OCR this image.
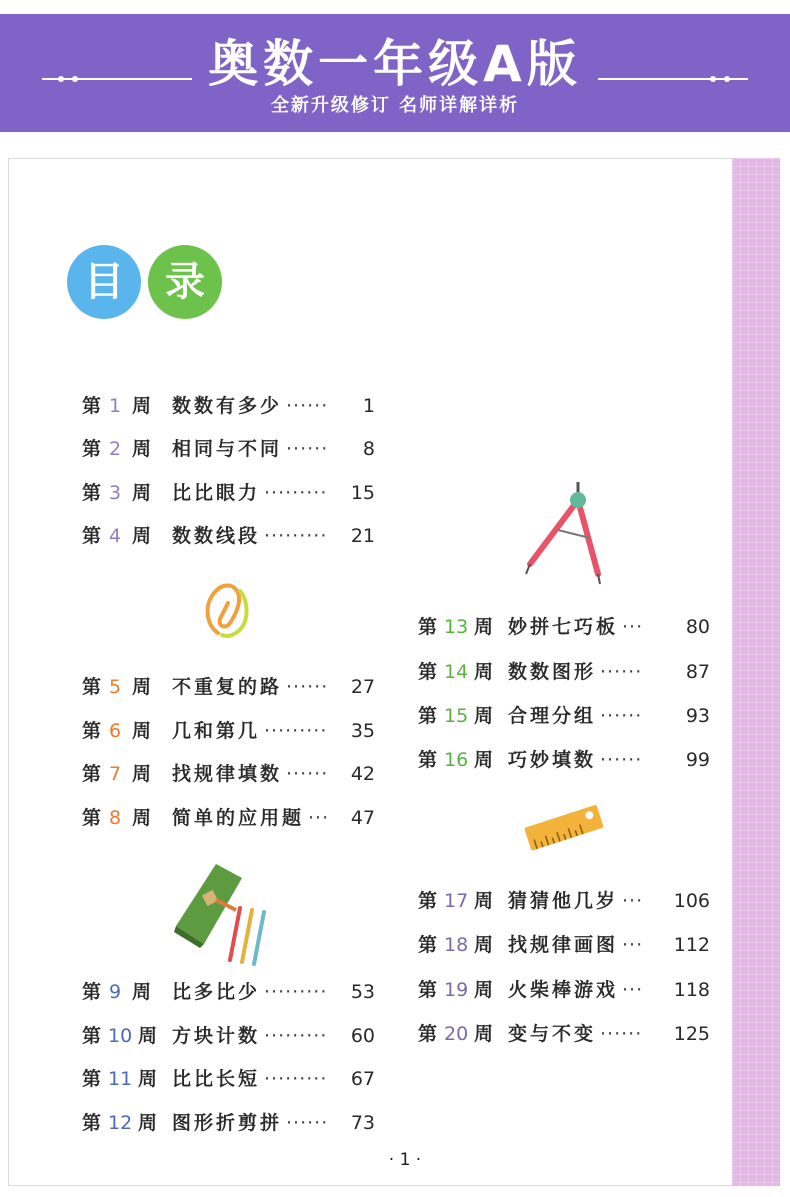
奥数一年级A版
全新升级修订 名师详解详析
目	录
第 1 周 数数有多少 ······ 1
第 2 周 相同与不同 ······ 8
第 3 周 比比眼力 ········· 15
第 4 周 数数线段 ········· 21
第 5 周 不重复的路 ······ 27
第 6 周 几和第几 ········· 35
第 7 周 找规律填数 ······ 42
第 8 周 简单的应用题 ··· 47
第 9 周 比多比少 ········· 53
第 10 周 方块计数 ········· 60
第 11 周 比比长短 ········· 67
第 12 周 图形折剪拼 ······ 73
第 13 周 妙拼七巧板 ··· 80
第 14 周 数数图形 ······ 87
第 15 周 合理分组 ······ 93
第 16 周 巧妙填数 ······ 99
第 17 周 猜猜他几岁 ··· 106
第 18 周 找规律画图 ··· 112
第 19 周 火柴棒游戏 ··· 118
第 20 周 变与不变 ······ 125
· 1 ·
